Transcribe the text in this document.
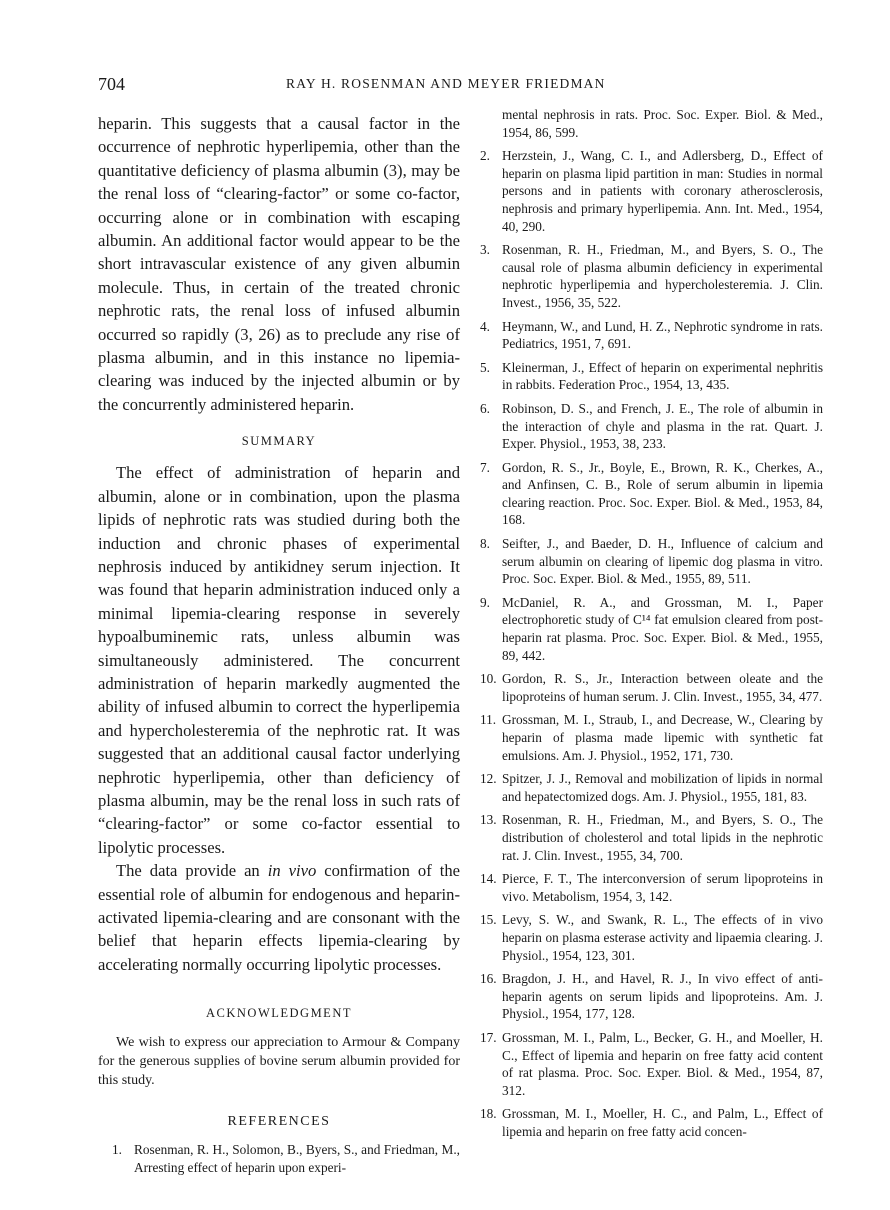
704	RAY H. ROSENMAN AND MEYER FRIEDMAN

heparin. This suggests that a causal factor in the occurrence of nephrotic hyperlipemia, other than the quantitative deficiency of plasma albumin (3), may be the renal loss of “clearing-factor” or some co-factor, occurring alone or in combination with escaping albumin. An additional factor would appear to be the short intravascular existence of any given albumin molecule. Thus, in certain of the treated chronic nephrotic rats, the renal loss of infused albumin occurred so rapidly (3, 26) as to preclude any rise of plasma albumin, and in this instance no lipemia-clearing was induced by the injected albumin or by the concurrently administered heparin.

SUMMARY

The effect of administration of heparin and albumin, alone or in combination, upon the plasma lipids of nephrotic rats was studied during both the induction and chronic phases of experimental nephrosis induced by antikidney serum injection. It was found that heparin administration induced only a minimal lipemia-clearing response in severely hypoalbuminemic rats, unless albumin was simultaneously administered. The concurrent administration of heparin markedly augmented the ability of infused albumin to correct the hyperlipemia and hypercholesteremia of the nephrotic rat. It was suggested that an additional causal factor underlying nephrotic hyperlipemia, other than deficiency of plasma albumin, may be the renal loss in such rats of “clearing-factor” or some co-factor essential to lipolytic processes.

The data provide an in vivo confirmation of the essential role of albumin for endogenous and heparin-activated lipemia-clearing and are consonant with the belief that heparin effects lipemia-clearing by accelerating normally occurring lipolytic processes.

ACKNOWLEDGMENT

We wish to express our appreciation to Armour & Company for the generous supplies of bovine serum albumin provided for this study.

REFERENCES

1. Rosenman, R. H., Solomon, B., Byers, S., and Friedman, M., Arresting effect of heparin upon experi-

mental nephrosis in rats. Proc. Soc. Exper. Biol. & Med., 1954, 86, 599.

2. Herzstein, J., Wang, C. I., and Adlersberg, D., Effect of heparin on plasma lipid partition in man: Studies in normal persons and in patients with coronary atherosclerosis, nephrosis and primary hyperlipemia. Ann. Int. Med., 1954, 40, 290.

3. Rosenman, R. H., Friedman, M., and Byers, S. O., The causal role of plasma albumin deficiency in experimental nephrotic hyperlipemia and hypercholesteremia. J. Clin. Invest., 1956, 35, 522.

4. Heymann, W., and Lund, H. Z., Nephrotic syndrome in rats. Pediatrics, 1951, 7, 691.

5. Kleinerman, J., Effect of heparin on experimental nephritis in rabbits. Federation Proc., 1954, 13, 435.

6. Robinson, D. S., and French, J. E., The role of albumin in the interaction of chyle and plasma in the rat. Quart. J. Exper. Physiol., 1953, 38, 233.

7. Gordon, R. S., Jr., Boyle, E., Brown, R. K., Cherkes, A., and Anfinsen, C. B., Role of serum albumin in lipemia clearing reaction. Proc. Soc. Exper. Biol. & Med., 1953, 84, 168.

8. Seifter, J., and Baeder, D. H., Influence of calcium and serum albumin on clearing of lipemic dog plasma in vitro. Proc. Soc. Exper. Biol. & Med., 1955, 89, 511.

9. McDaniel, R. A., and Grossman, M. I., Paper electrophoretic study of C¹⁴ fat emulsion cleared from post-heparin rat plasma. Proc. Soc. Exper. Biol. & Med., 1955, 89, 442.

10. Gordon, R. S., Jr., Interaction between oleate and the lipoproteins of human serum. J. Clin. Invest., 1955, 34, 477.

11. Grossman, M. I., Straub, I., and Decrease, W., Clearing by heparin of plasma made lipemic with synthetic fat emulsions. Am. J. Physiol., 1952, 171, 730.

12. Spitzer, J. J., Removal and mobilization of lipids in normal and hepatectomized dogs. Am. J. Physiol., 1955, 181, 83.

13. Rosenman, R. H., Friedman, M., and Byers, S. O., The distribution of cholesterol and total lipids in the nephrotic rat. J. Clin. Invest., 1955, 34, 700.

14. Pierce, F. T., The interconversion of serum lipoproteins in vivo. Metabolism, 1954, 3, 142.

15. Levy, S. W., and Swank, R. L., The effects of in vivo heparin on plasma esterase activity and lipaemia clearing. J. Physiol., 1954, 123, 301.

16. Bragdon, J. H., and Havel, R. J., In vivo effect of anti-heparin agents on serum lipids and lipoproteins. Am. J. Physiol., 1954, 177, 128.

17. Grossman, M. I., Palm, L., Becker, G. H., and Moeller, H. C., Effect of lipemia and heparin on free fatty acid content of rat plasma. Proc. Soc. Exper. Biol. & Med., 1954, 87, 312.

18. Grossman, M. I., Moeller, H. C., and Palm, L., Effect of lipemia and heparin on free fatty acid concen-
